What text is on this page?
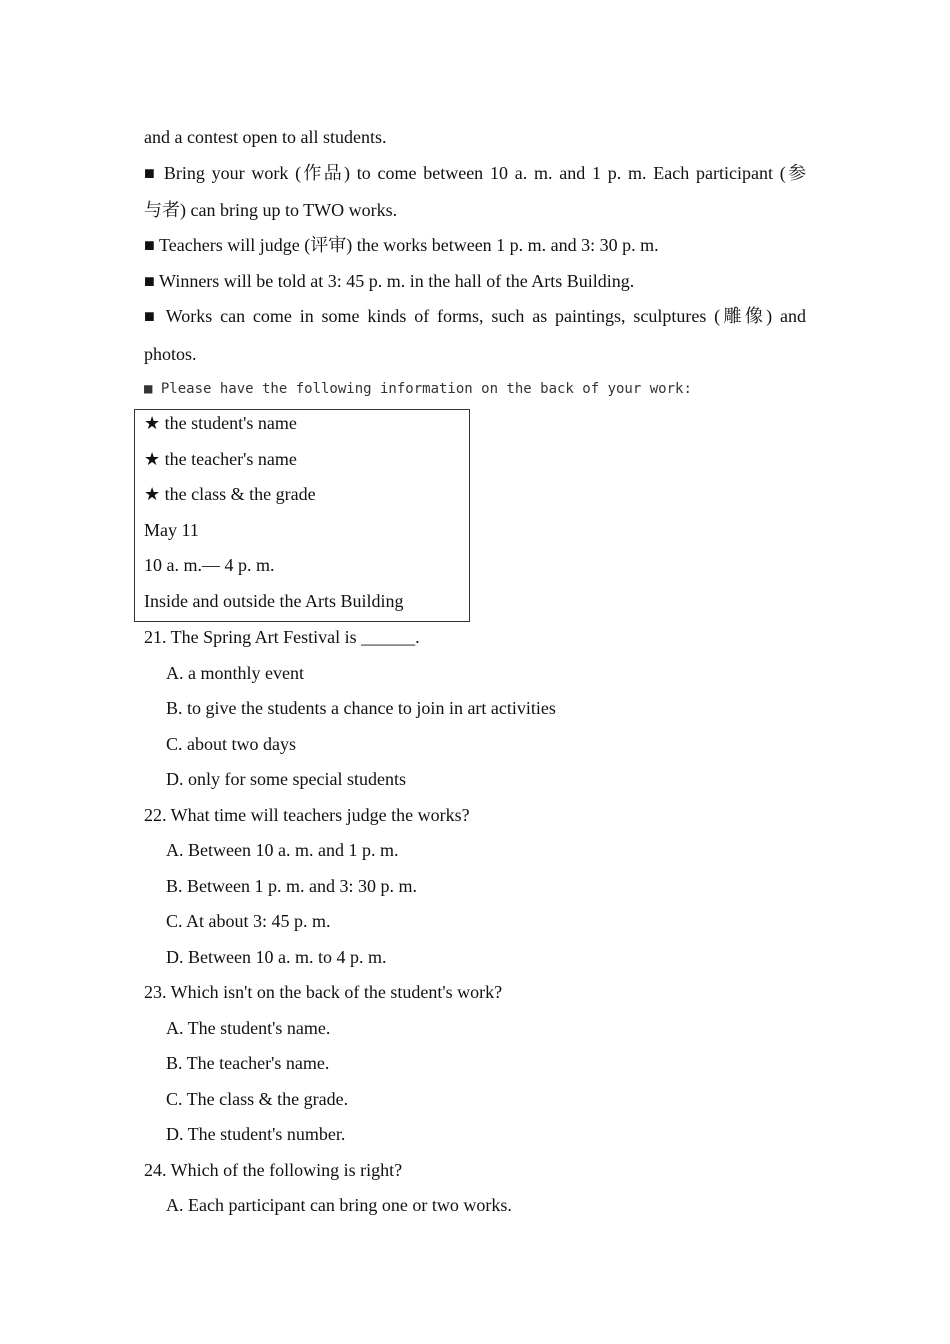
and a contest open to all students.
■ Bring your work (作品) to come between 10 a. m. and 1 p. m. Each participant (参
与者) can bring up to TWO works.
■ Teachers will judge (评审) the works between 1 p. m. and 3: 30 p. m.
■ Winners will be told at 3: 45 p. m. in the hall of the Arts Building.
■ Works can come in some kinds of forms, such as paintings, sculptures (雕像) and
photos.
■ Please have the following information on the back of your work:
★ the student's name
★ the teacher's name
★ the class & the grade
May 11
10 a. m.— 4 p. m.
Inside and outside the Arts Building
21. The Spring Art Festival is ______.
A. a monthly event
B. to give the students a chance to join in art activities
C. about two days
D. only for some special students
22. What time will teachers judge the works?
A. Between 10 a. m. and 1 p. m.
B. Between 1 p. m. and 3: 30 p. m.
C. At about 3: 45 p. m.
D. Between 10 a. m. to 4 p. m.
23. Which isn't on the back of the student's work?
A. The student's name.
B. The teacher's name.
C. The class & the grade.
D. The student's number.
24. Which of the following is right?
A. Each participant can bring one or two works.
